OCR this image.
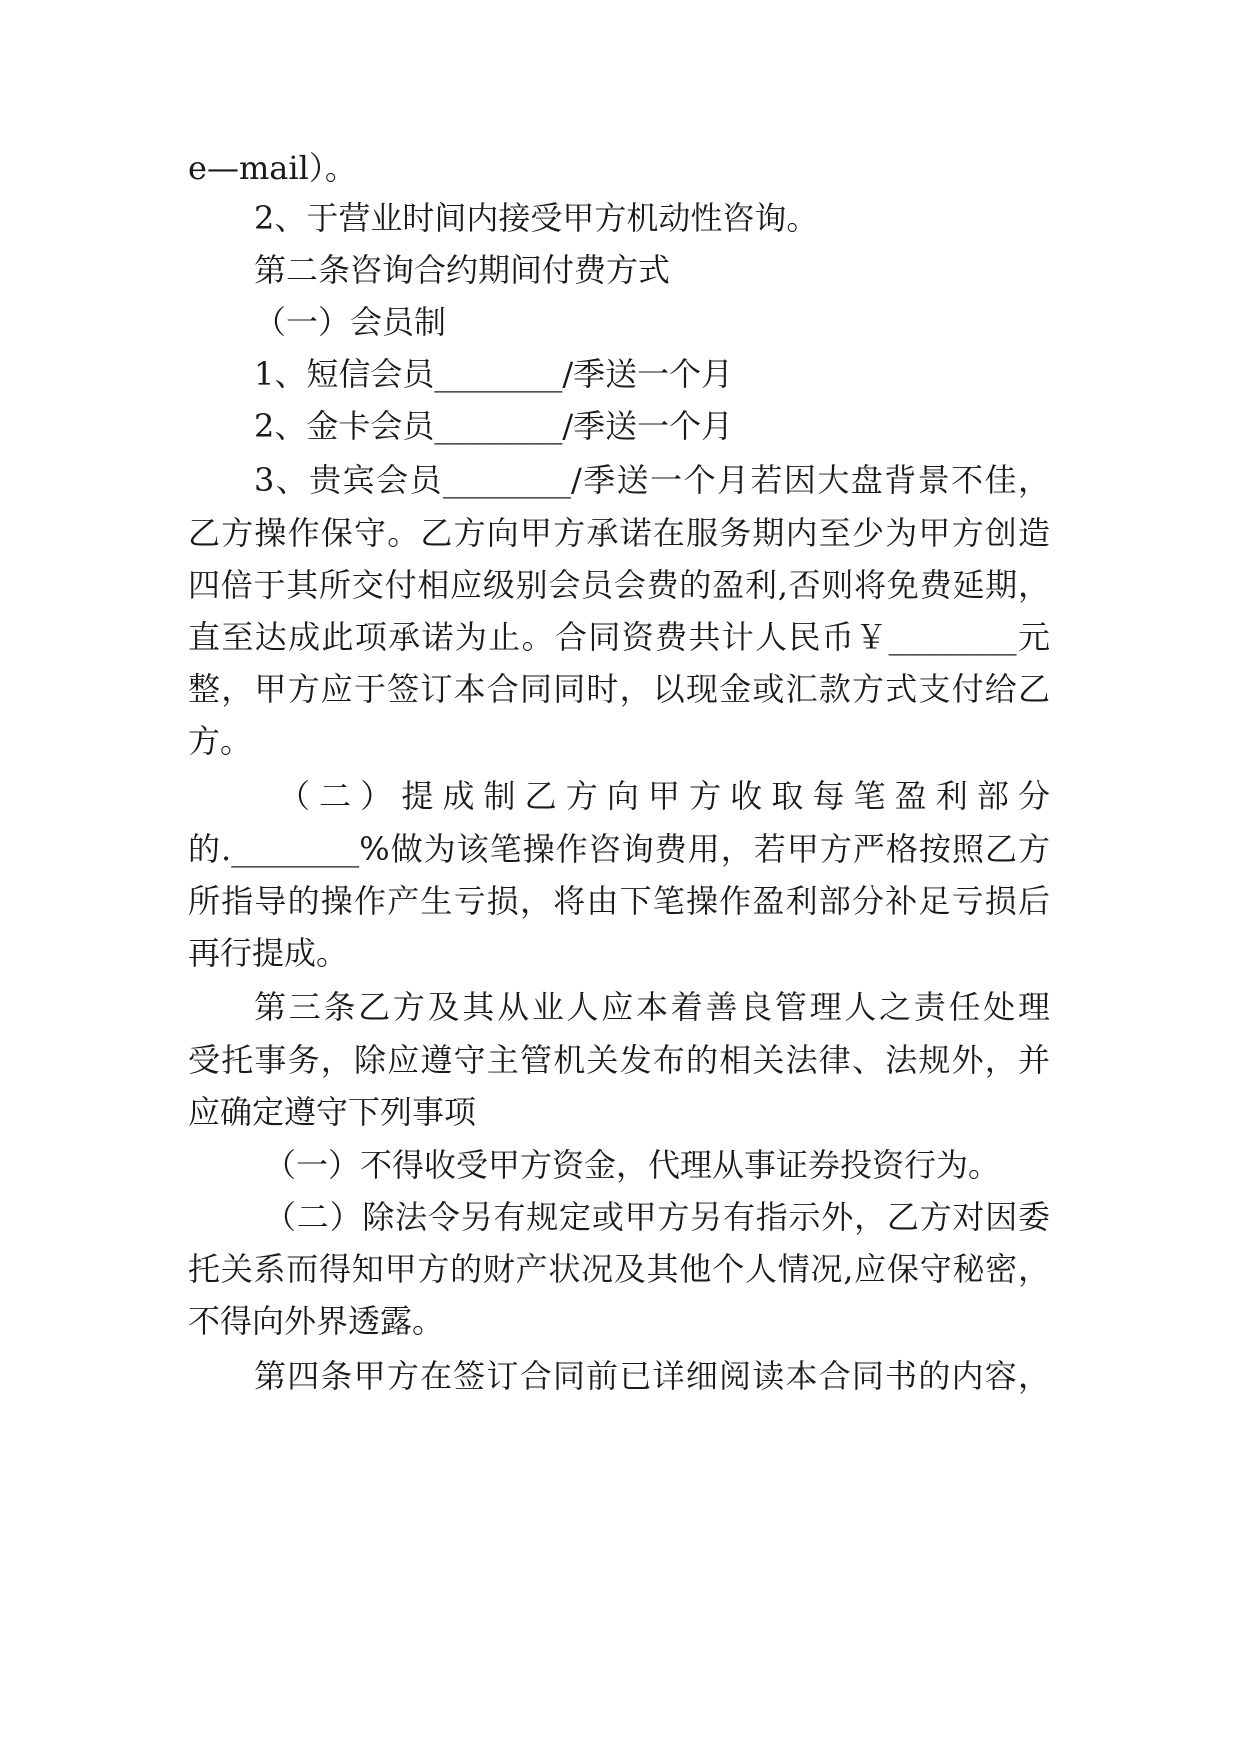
e—mail）。
2、于营业时间内接受甲方机动性咨询。
第二条咨询合约期间付费方式
（一）会员制
1、短信会员________/季送一个月
2、金卡会员________/季送一个月
3、贵宾会员________/季送一个月若因大盘背景不佳，
乙方操作保守。乙方向甲方承诺在服务期内至少为甲方创造
四倍于其所交付相应级别会员会费的盈利,否则将免费延期，
直至达成此项承诺为止。合同资费共计人民币￥________元
整，甲方应于签订本合同同时，以现金或汇款方式支付给乙
方。
（二）提成制乙方向甲方收取每笔盈利部分
的.________%做为该笔操作咨询费用，若甲方严格按照乙方
所指导的操作产生亏损，将由下笔操作盈利部分补足亏损后
再行提成。
第三条乙方及其从业人应本着善良管理人之责任处理
受托事务，除应遵守主管机关发布的相关法律、法规外，并
应确定遵守下列事项
（一）不得收受甲方资金，代理从事证券投资行为。
（二）除法令另有规定或甲方另有指示外，乙方对因委
托关系而得知甲方的财产状况及其他个人情况,应保守秘密，
不得向外界透露。
第四条甲方在签订合同前已详细阅读本合同书的内容，
